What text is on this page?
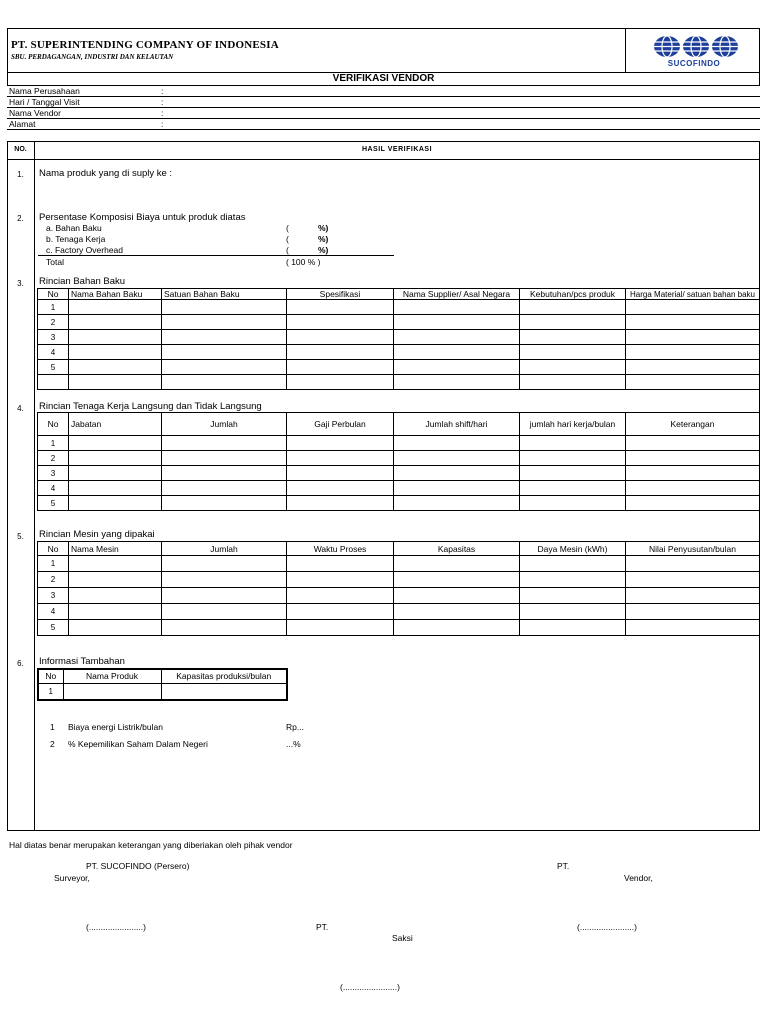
PT. SUPERINTENDING COMPANY OF INDONESIA
SBU. PERDAGANGAN, INDUSTRI DAN KELAUTAN
SUCOFINDO
VERIFIKASI VENDOR
Nama Perusahaan	:
Hari / Tanggal Visit	:
Nama Vendor	:
Alamat	:
NO.	HASIL VERIFIKASI
1.	Nama produk yang di suply ke :
2.	Persentase Komposisi Biaya untuk produk diatas
a. Bahan Baku	(	%)
b. Tenaga Kerja	(	%)
c. Factory Overhead	(	%)
Total	( 100 % )
3.	Rincian Bahan Baku
No	Nama Bahan Baku	Satuan Bahan Baku	Spesifikasi	Nama Supplier/ Asal Negara	Kebutuhan/pcs produk	Harga Material/ satuan bahan baku
1						
2						
3						
4						
5						

4.	Rincian Tenaga Kerja Langsung dan Tidak Langsung
No	Jabatan	Jumlah	Gaji Perbulan	Jumlah shift/hari	jumlah hari kerja/bulan	Keterangan
1						
2						
3						
4						
5						
5.	Rincian Mesin yang dipakai
No	Nama Mesin	Jumlah	Waktu Proses	Kapasitas	Daya Mesin (kWh)	Nilai Penyusutan/bulan
1						
2						
3						
4						
5						
6.	Informasi Tambahan
No	Nama Produk	Kapasitas produksi/bulan
1		
1 Biaya energi Listrik/bulan	Rp...
2 % Kepemilikan Saham Dalam Negeri	...%
Hal diatas benar merupakan keterangan yang diberiakan oleh pihak vendor
PT. SUCOFINDO (Persero)
Surveyor,
PT.
Vendor,
(.......................)	PT.
Saksi
(.......................)
(.......................)
